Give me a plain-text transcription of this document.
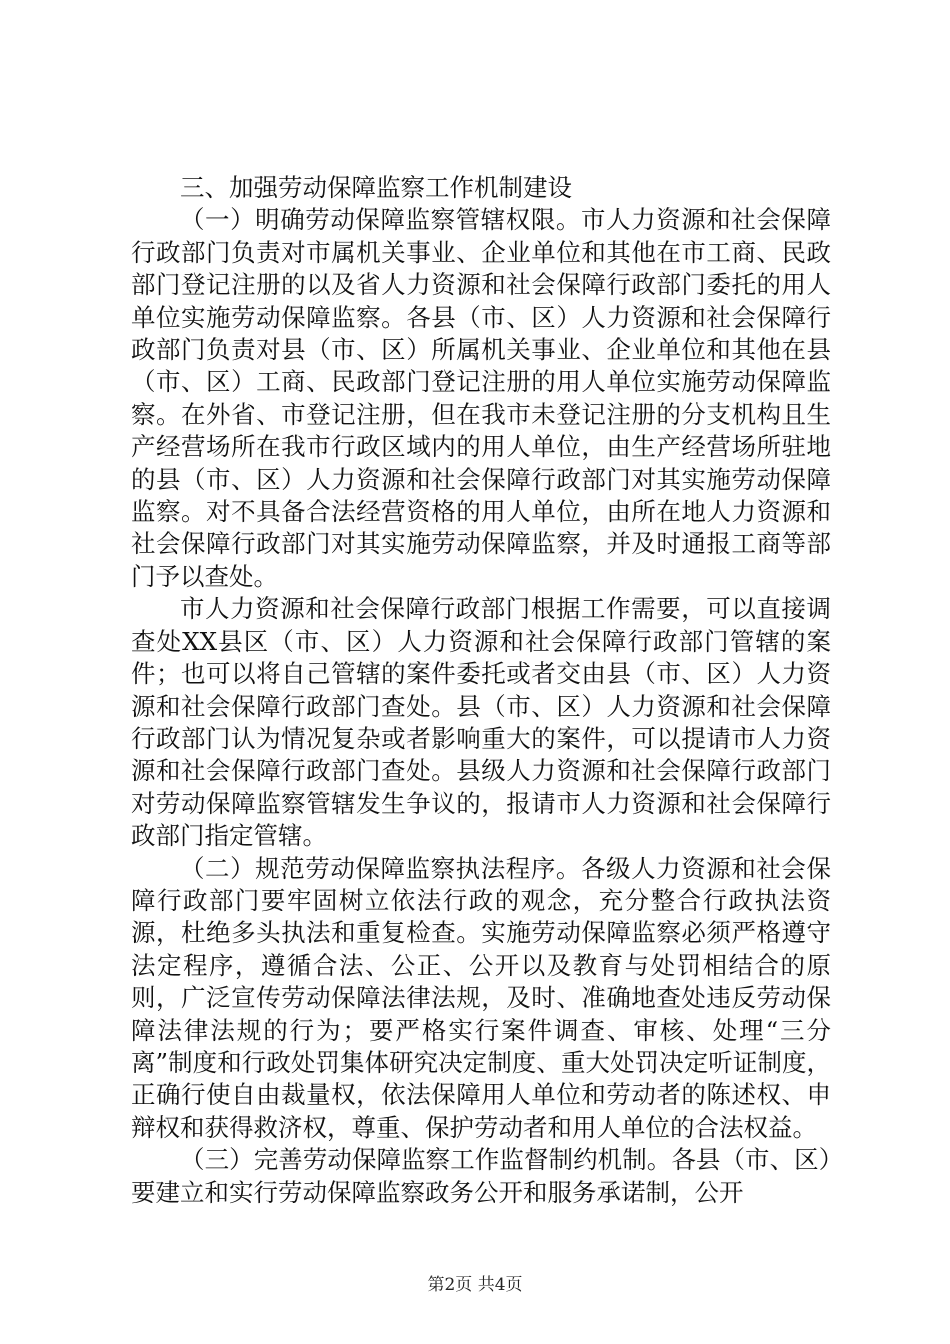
三、加强劳动保障监察工作机制建设

（一）明确劳动保障监察管辖权限。市人力资源和社会保障行政部门负责对市属机关事业、企业单位和其他在市工商、民政部门登记注册的以及省人力资源和社会保障行政部门委托的用人单位实施劳动保障监察。各县（市、区）人力资源和社会保障行政部门负责对县（市、区）所属机关事业、企业单位和其他在县（市、区）工商、民政部门登记注册的用人单位实施劳动保障监察。在外省、市登记注册，但在我市未登记注册的分支机构且生产经营场所在我市行政区域内的用人单位，由生产经营场所驻地的县（市、区）人力资源和社会保障行政部门对其实施劳动保障监察。对不具备合法经营资格的用人单位，由所在地人力资源和社会保障行政部门对其实施劳动保障监察，并及时通报工商等部门予以查处。

市人力资源和社会保障行政部门根据工作需要，可以直接调查处XX县区（市、区）人力资源和社会保障行政部门管辖的案件；也可以将自己管辖的案件委托或者交由县（市、区）人力资源和社会保障行政部门查处。县（市、区）人力资源和社会保障行政部门认为情况复杂或者影响重大的案件，可以提请市人力资源和社会保障行政部门查处。县级人力资源和社会保障行政部门对劳动保障监察管辖发生争议的，报请市人力资源和社会保障行政部门指定管辖。

（二）规范劳动保障监察执法程序。各级人力资源和社会保障行政部门要牢固树立依法行政的观念，充分整合行政执法资源，杜绝多头执法和重复检查。实施劳动保障监察必须严格遵守法定程序，遵循合法、公正、公开以及教育与处罚相结合的原则，广泛宣传劳动保障法律法规，及时、准确地查处违反劳动保障法律法规的行为；要严格实行案件调查、审核、处理“三分离”制度和行政处罚集体研究决定制度、重大处罚决定听证制度，正确行使自由裁量权，依法保障用人单位和劳动者的陈述权、申辩权和获得救济权，尊重、保护劳动者和用人单位的合法权益。

（三）完善劳动保障监察工作监督制约机制。各县（市、区）要建立和实行劳动保障监察政务公开和服务承诺制，公开

第2页 共4页
